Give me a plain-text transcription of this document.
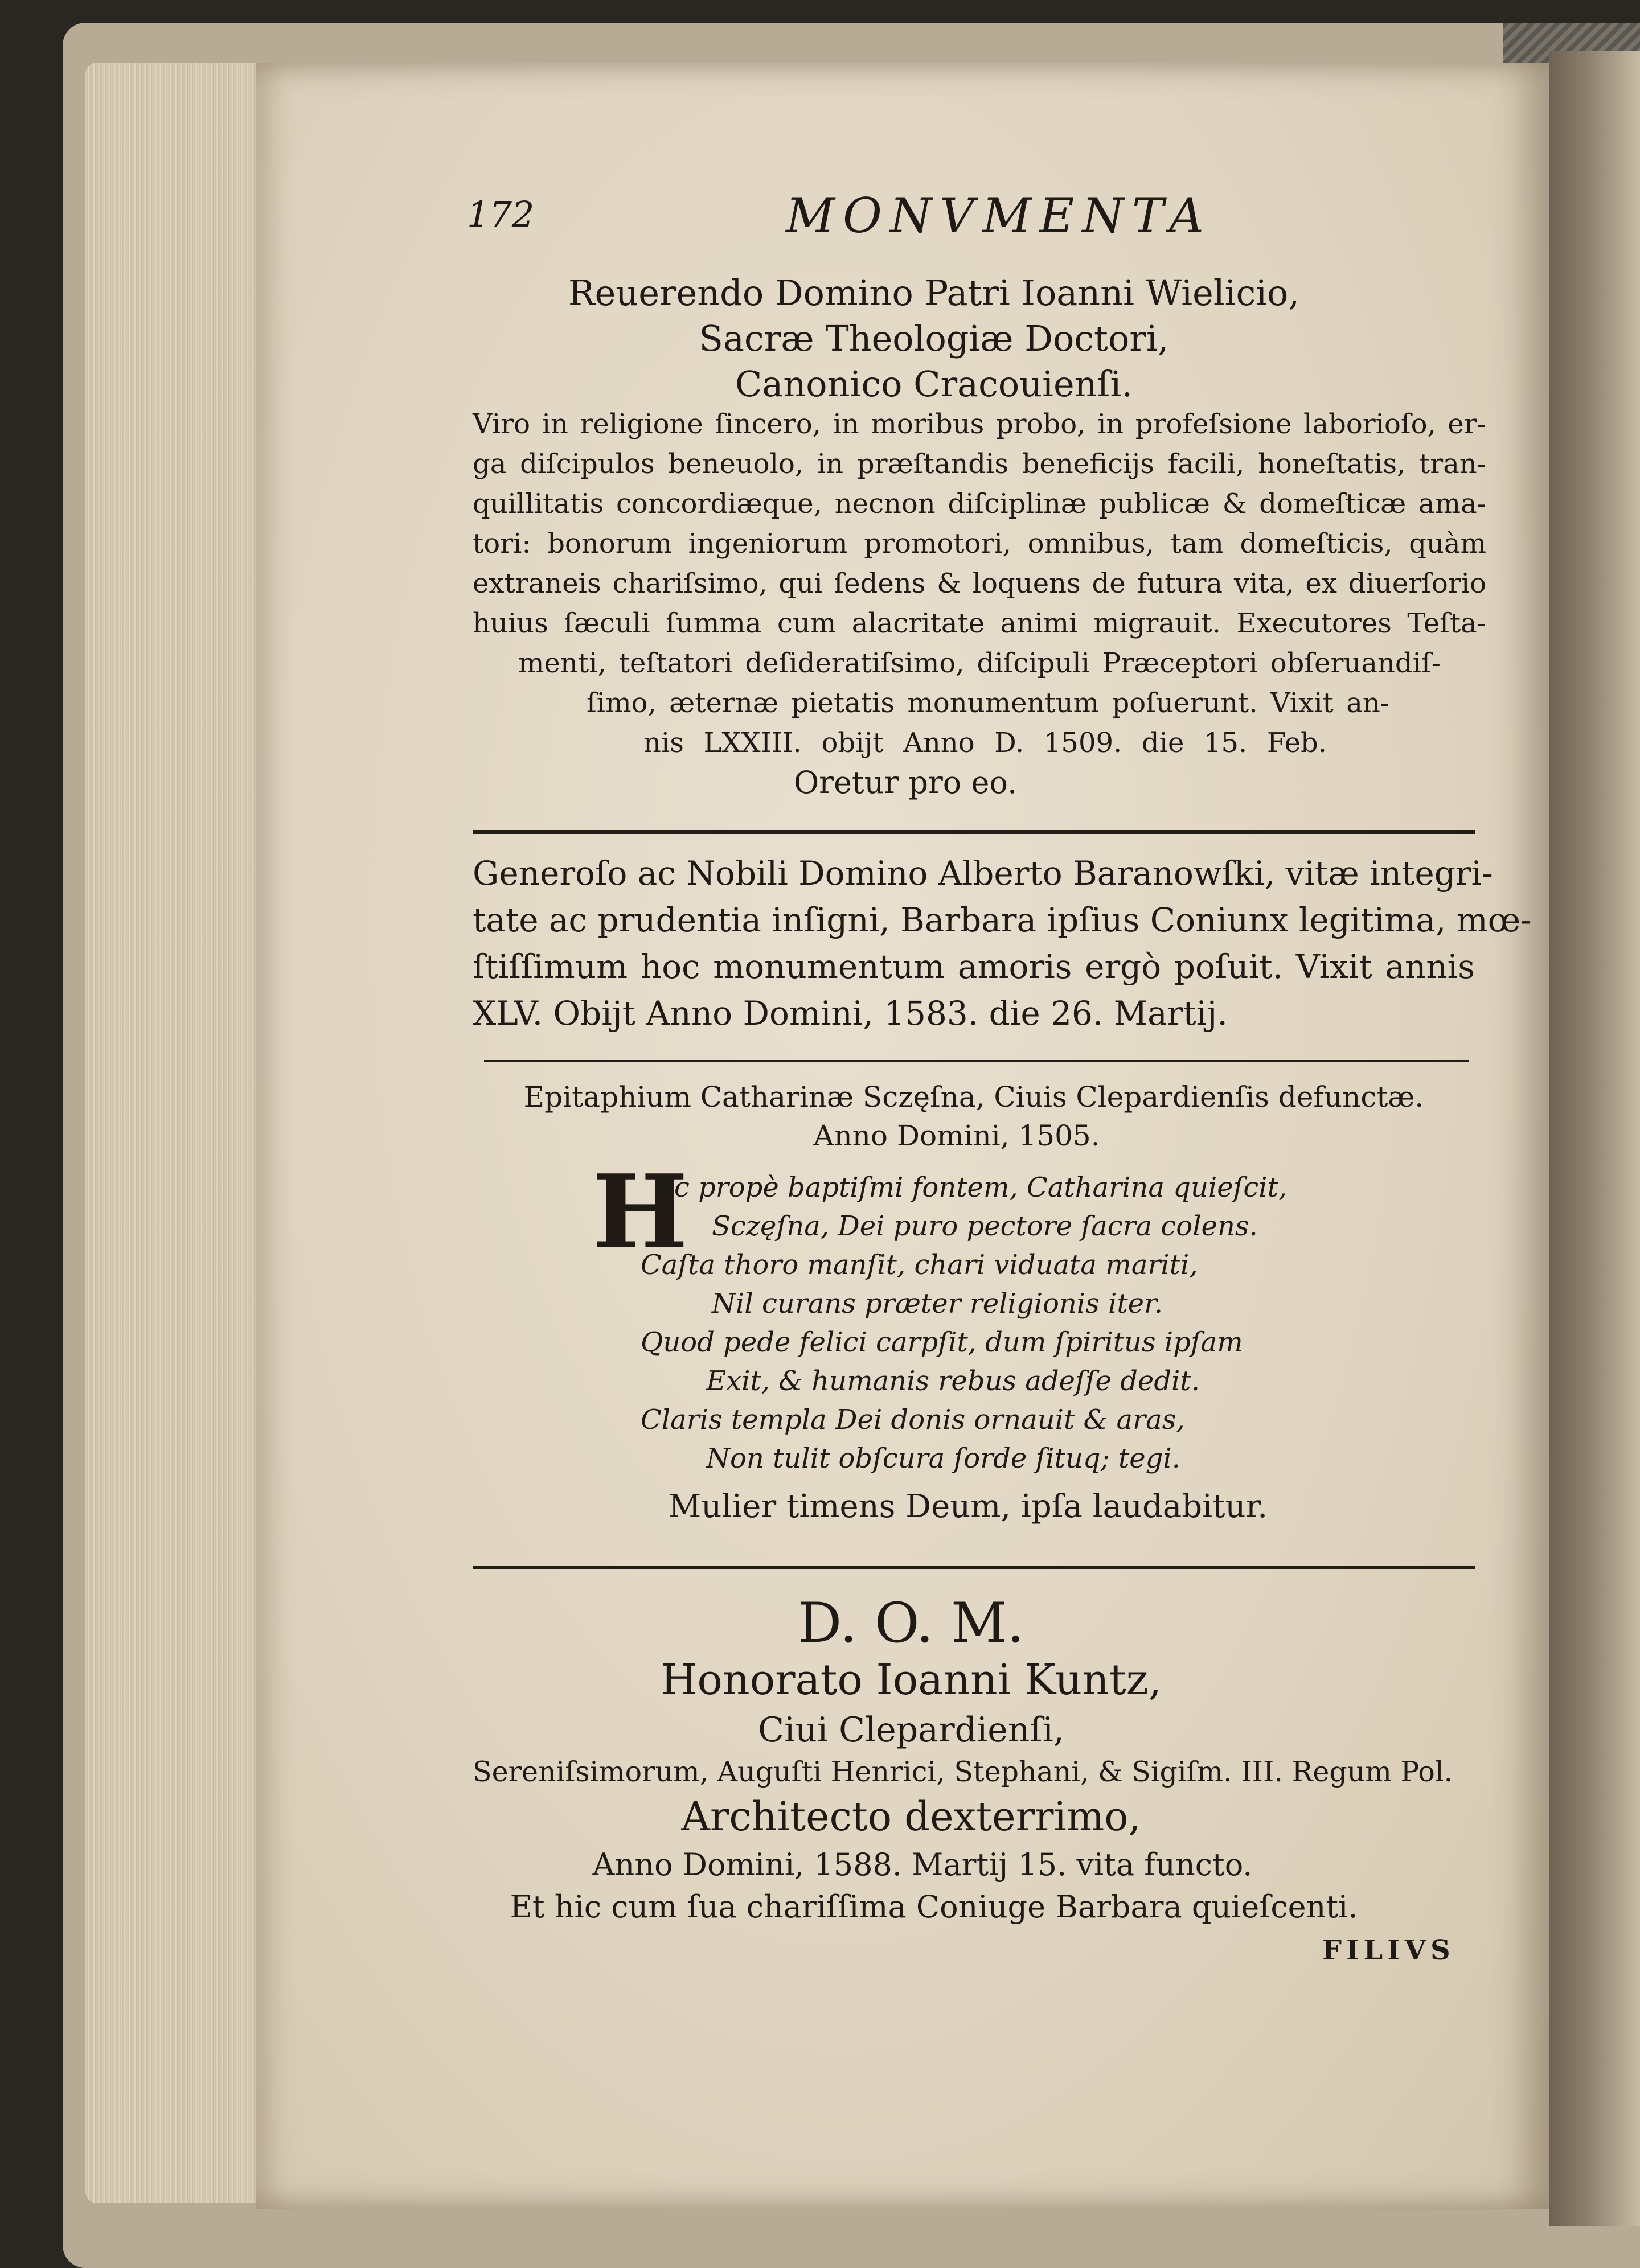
172	MONVMENTA
Reuerendo Domino Patri Ioanni Wielicio,
Sacræ Theologiæ Doctori,
Canonico Cracouienſi.
Viro in religione ſincero, in moribus probo, in profeſsione laborioſo, er-
ga diſcipulos beneuolo, in præſtandis beneficijs facili, honeſtatis, tran-
quillitatis concordiæque, necnon diſciplinæ publicæ & domeſticæ ama-
tori: bonorum ingeniorum promotori, omnibus, tam domeſticis, quàm
extraneis chariſsimo, qui ſedens & loquens de futura vita, ex diuerſorio
huius ſæculi ſumma cum alacritate animi migrauit. Executores Teſta-
menti, teſtatori deſideratiſsimo, diſcipuli Præceptori obſeruandiſ-
ſimo, æternæ pietatis monumentum poſuerunt. Vixit an-
nis LXXIII. obijt Anno D. 1509. die 15. Feb.
Oretur pro eo.
Generoſo ac Nobili Domino Alberto Baranowſki, vitæ integri-
tate ac prudentia inſigni, Barbara ipſius Coniunx legitima, mœ-
ſtiſſimum hoc monumentum amoris ergò poſuit. Vixit annis
XLV. Obijt Anno Domini, 1583. die 26. Martij.
Epitaphium Catharinæ Sczęſna, Ciuis Clepardienſis defunctæ.
Anno Domini, 1505.
H
Ic propè baptiſmi fontem, Catharina quieſcit,
Sczęſna, Dei puro pectore ſacra colens.
Caſta thoro manſit, chari viduata mariti,
Nil curans præter religionis iter.
Quod pede felici carpſit, dum ſpiritus ipſam
Exit, & humanis rebus adeſſe dedit.
Claris templa Dei donis ornauit & aras,
Non tulit obſcura ſorde ſituq; tegi.
Mulier timens Deum, ipſa laudabitur.
D. O. M.
Honorato Ioanni Kuntz,
Ciui Clepardienſi,
Sereniſsimorum, Auguſti Henrici, Stephani, & Sigiſm. III. Regum Pol.
Architecto dexterrimo,
Anno Domini, 1588. Martij 15. vita functo.
Et hic cum ſua chariſſima Coniuge Barbara quieſcenti.
FILIVS
